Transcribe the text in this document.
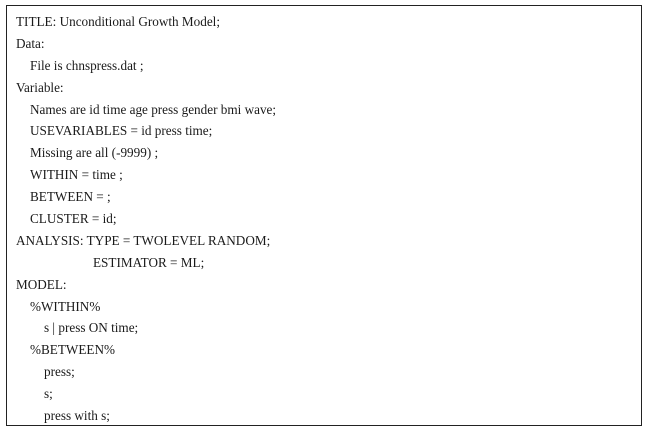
TITLE: Unconditional Growth Model;
Data:
File is chnspress.dat ;
Variable:
Names are id time age press gender bmi wave;
USEVARIABLES = id press time;
Missing are all (-9999) ;
WITHIN = time ;
BETWEEN = ;
CLUSTER = id;
ANALYSIS: TYPE = TWOLEVEL RANDOM;
ESTIMATOR = ML;
MODEL:
%WITHIN%
s | press ON time;
%BETWEEN%
press;
s;
press with s;
